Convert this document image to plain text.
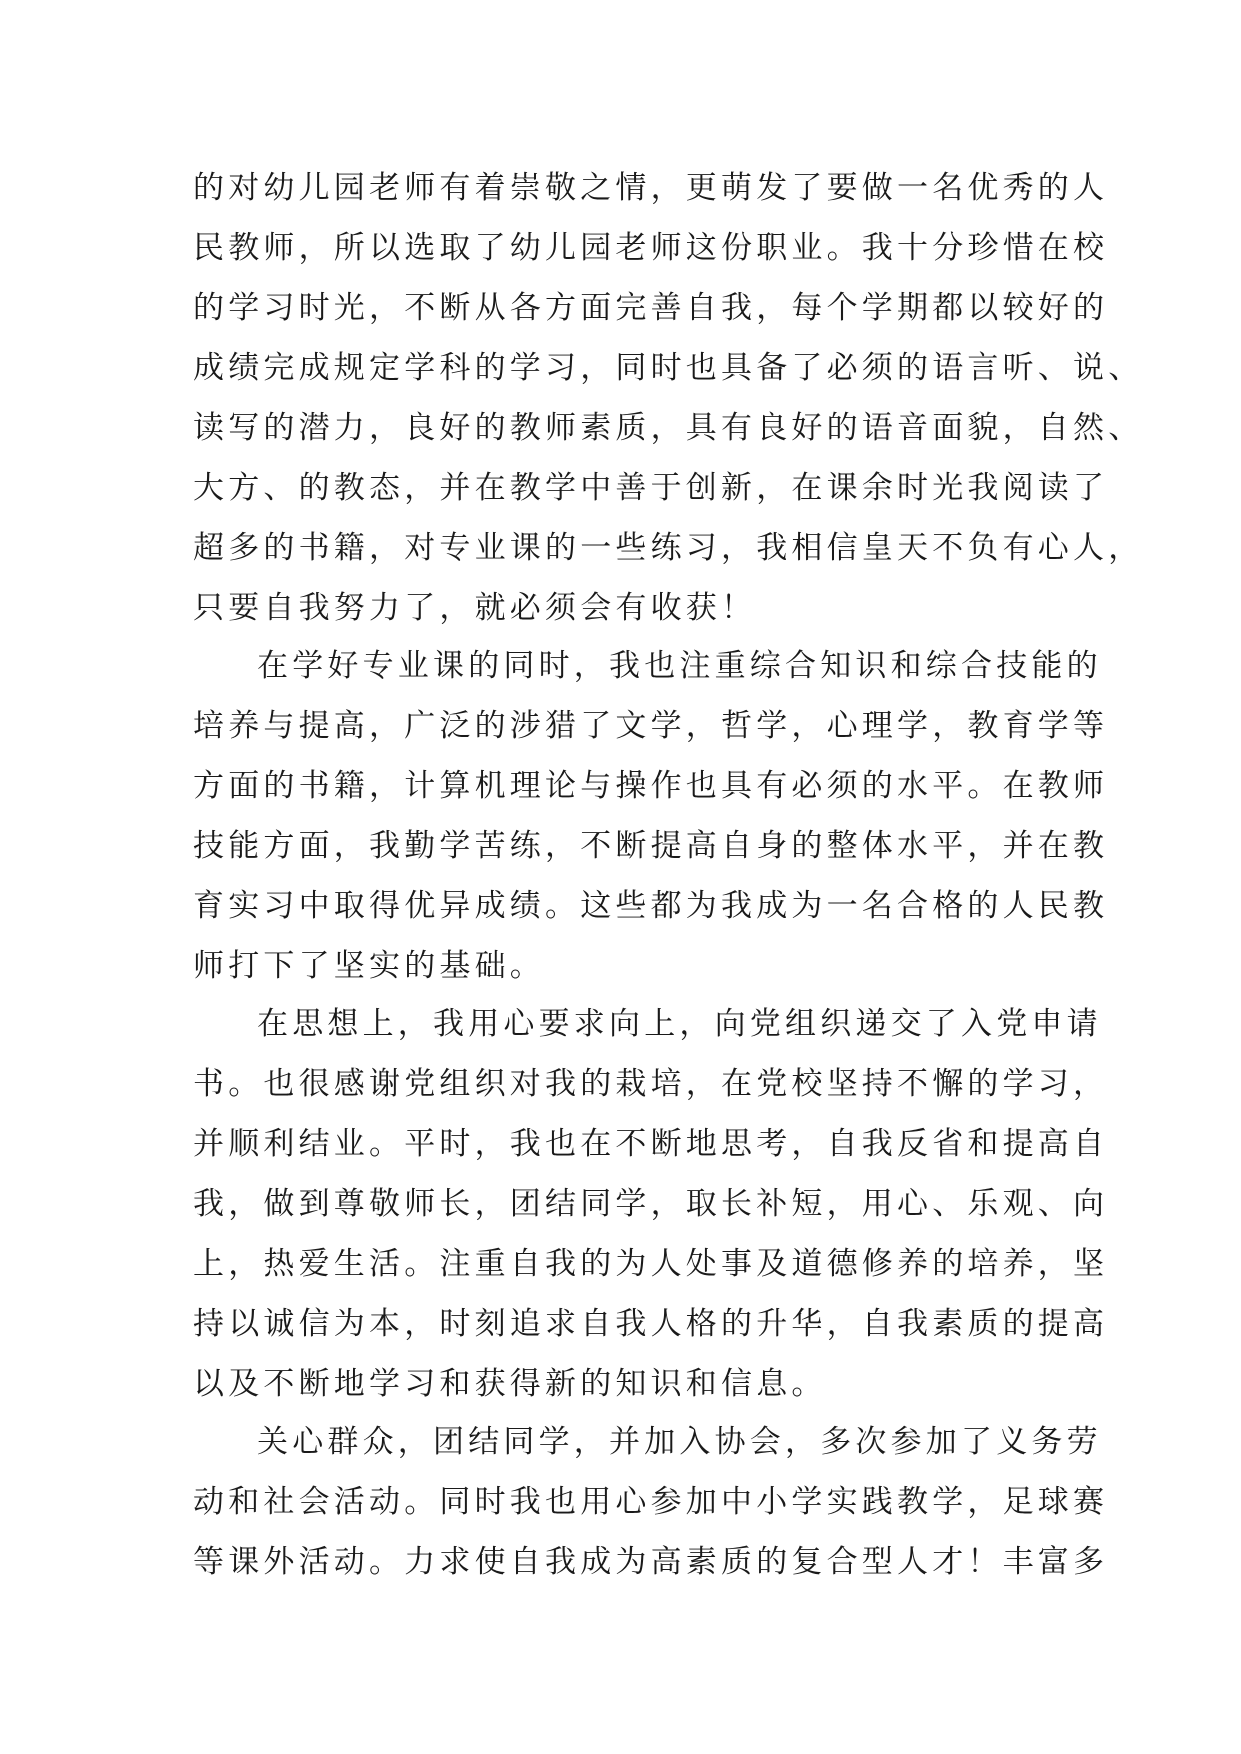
的对幼儿园老师有着崇敬之情，更萌发了要做一名优秀的人
民教师，所以选取了幼儿园老师这份职业。我十分珍惜在校
的学习时光，不断从各方面完善自我，每个学期都以较好的
成绩完成规定学科的学习，同时也具备了必须的语言听、说、
读写的潜力，良好的教师素质，具有良好的语音面貌，自然、
大方、的教态，并在教学中善于创新，在课余时光我阅读了
超多的书籍，对专业课的一些练习，我相信皇天不负有心人，
只要自我努力了，就必须会有收获！
在学好专业课的同时，我也注重综合知识和综合技能的
培养与提高，广泛的涉猎了文学，哲学，心理学，教育学等
方面的书籍，计算机理论与操作也具有必须的水平。在教师
技能方面，我勤学苦练，不断提高自身的整体水平，并在教
育实习中取得优异成绩。这些都为我成为一名合格的人民教
师打下了坚实的基础。
在思想上，我用心要求向上，向党组织递交了入党申请
书。也很感谢党组织对我的栽培，在党校坚持不懈的学习，
并顺利结业。平时，我也在不断地思考，自我反省和提高自
我，做到尊敬师长，团结同学，取长补短，用心、乐观、向
上，热爱生活。注重自我的为人处事及道德修养的培养，坚
持以诚信为本，时刻追求自我人格的升华，自我素质的提高
以及不断地学习和获得新的知识和信息。
关心群众，团结同学，并加入协会，多次参加了义务劳
动和社会活动。同时我也用心参加中小学实践教学，足球赛
等课外活动。力求使自我成为高素质的复合型人才！丰富多
